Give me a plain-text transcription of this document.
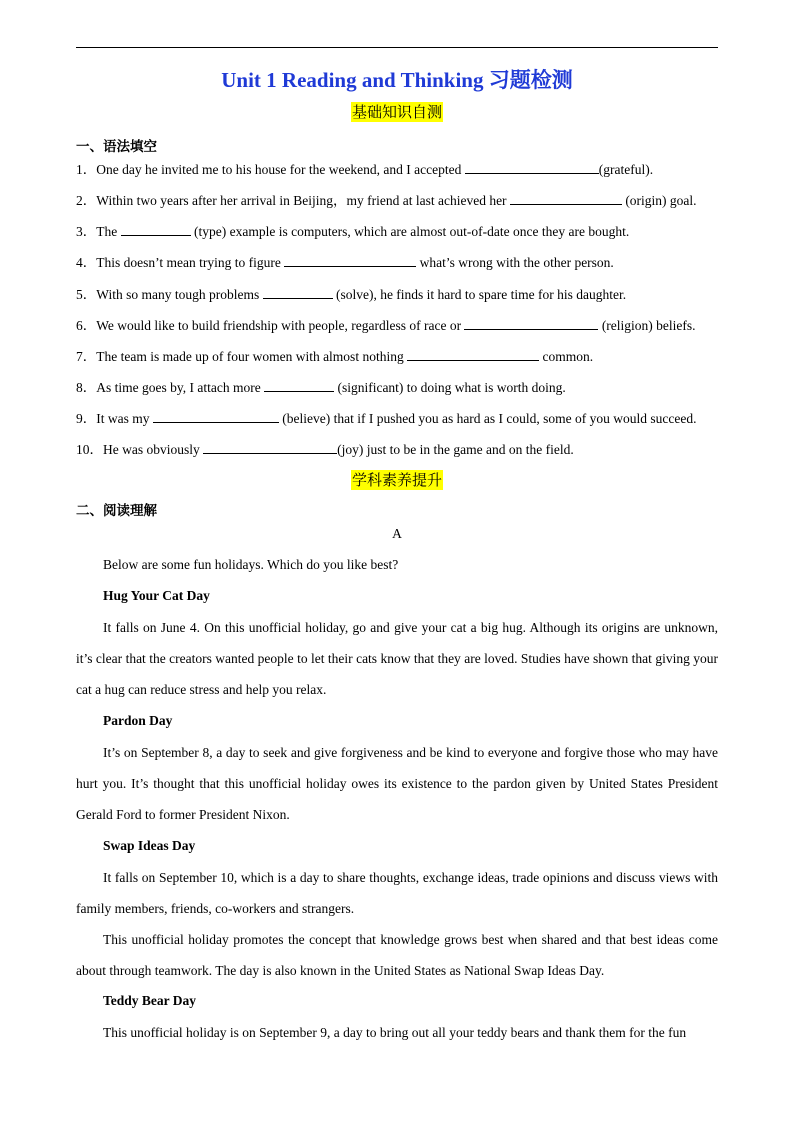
Unit 1 Reading and Thinking 习题检测
基础知识自测
一、语法填空
1．One day he invited me to his house for the weekend, and I accepted	(grateful).
2．Within two years after her arrival in Beijing，my friend at last achieved her	(origin) goal.
3．The	(type) example is computers, which are almost out-of-date once they are bought.
4．This doesn’t mean trying to figure	what’s wrong with the other person.
5．With so many tough problems	(solve), he finds it hard to spare time for his daughter.
6．We would like to build friendship with people, regardless of race or	(religion) beliefs.
7．The team is made up of four women with almost nothing	common.
8．As time goes by, I attach more	(significant) to doing what is worth doing.
9．It was my	(believe) that if I pushed you as hard as I could, some of you would succeed.
10．He was obviously	(joy) just to be in the game and on the field.
学科素养提升
二、阅读理解
A
Below are some fun holidays. Which do you like best?
Hug Your Cat Day
It falls on June 4. On this unofficial holiday, go and give your cat a big hug. Although its origins are unknown, it’s clear that the creators wanted people to let their cats know that they are loved. Studies have shown that giving your cat a hug can reduce stress and help you relax.
Pardon Day
It’s on September 8, a day to seek and give forgiveness and be kind to everyone and forgive those who may have hurt you. It’s thought that this unofficial holiday owes its existence to the pardon given by United States President Gerald Ford to former President Nixon.
Swap Ideas Day
It falls on September 10, which is a day to share thoughts, exchange ideas, trade opinions and discuss views with family members, friends, co-workers and strangers.
This unofficial holiday promotes the concept that knowledge grows best when shared and that best ideas come about through teamwork. The day is also known in the United States as National Swap Ideas Day.
Teddy Bear Day
This unofficial holiday is on September 9, a day to bring out all your teddy bears and thank them for the fun
